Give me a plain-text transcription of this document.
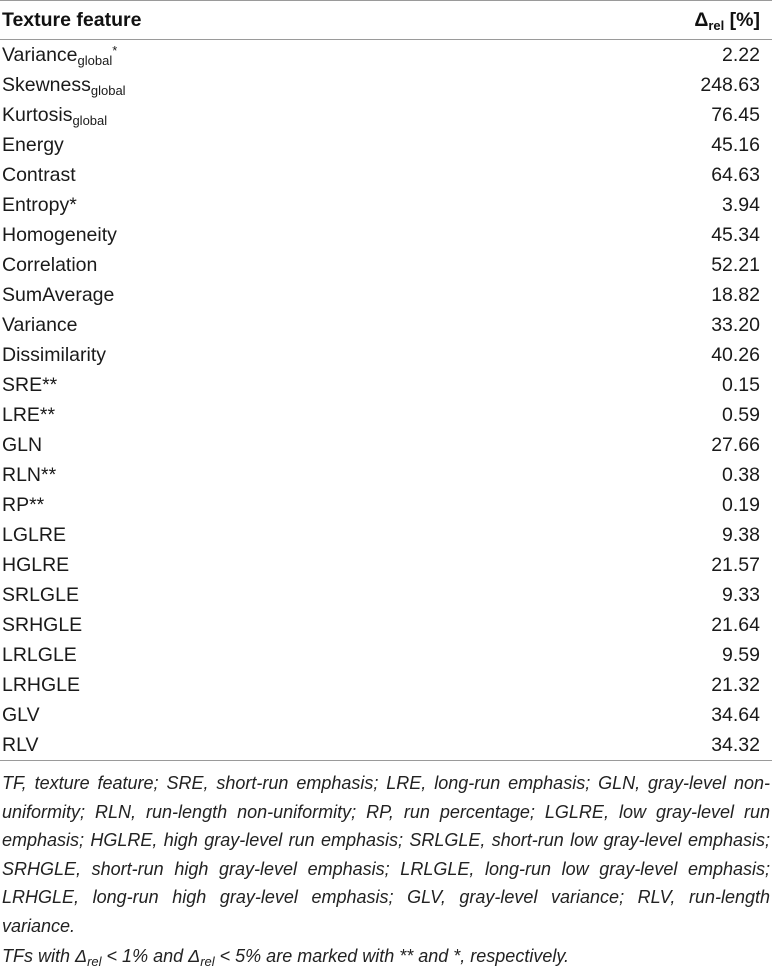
Texture feature	$\Delta_{rel}$ [%]

Variance$_{global}$*	2.22
Skewness$_{global}$	248.63
Kurtosis$_{global}$	76.45
Energy	45.16
Contrast	64.63
Entropy*	3.94
Homogeneity	45.34
Correlation	52.21
SumAverage	18.82
Variance	33.20
Dissimilarity	40.26
SRE**	0.15
LRE**	0.59
GLN	27.66
RLN**	0.38
RP**	0.19
LGLRE	9.38
HGLRE	21.57
SRLGLE	9.33
SRHGLE	21.64
LRLGLE	9.59
LRHGLE	21.32
GLV	34.64
RLV	34.32

TF, texture feature; SRE, short-run emphasis; LRE, long-run emphasis; GLN, gray-level non-uniformity; RLN, run-length non-uniformity; RP, run percentage; LGLRE, low gray-level run emphasis; HGLRE, high gray-level run emphasis; SRLGLE, short-run low gray-level emphasis; SRHGLE, short-run high gray-level emphasis; LRLGLE, long-run low gray-level emphasis; LRHGLE, long-run high gray-level emphasis; GLV, gray-level variance; RLV, run-length variance.

TFs with $\Delta_{rel} < 1\%$ and $\Delta_{rel} < 5\%$ are marked with ** and *, respectively.
